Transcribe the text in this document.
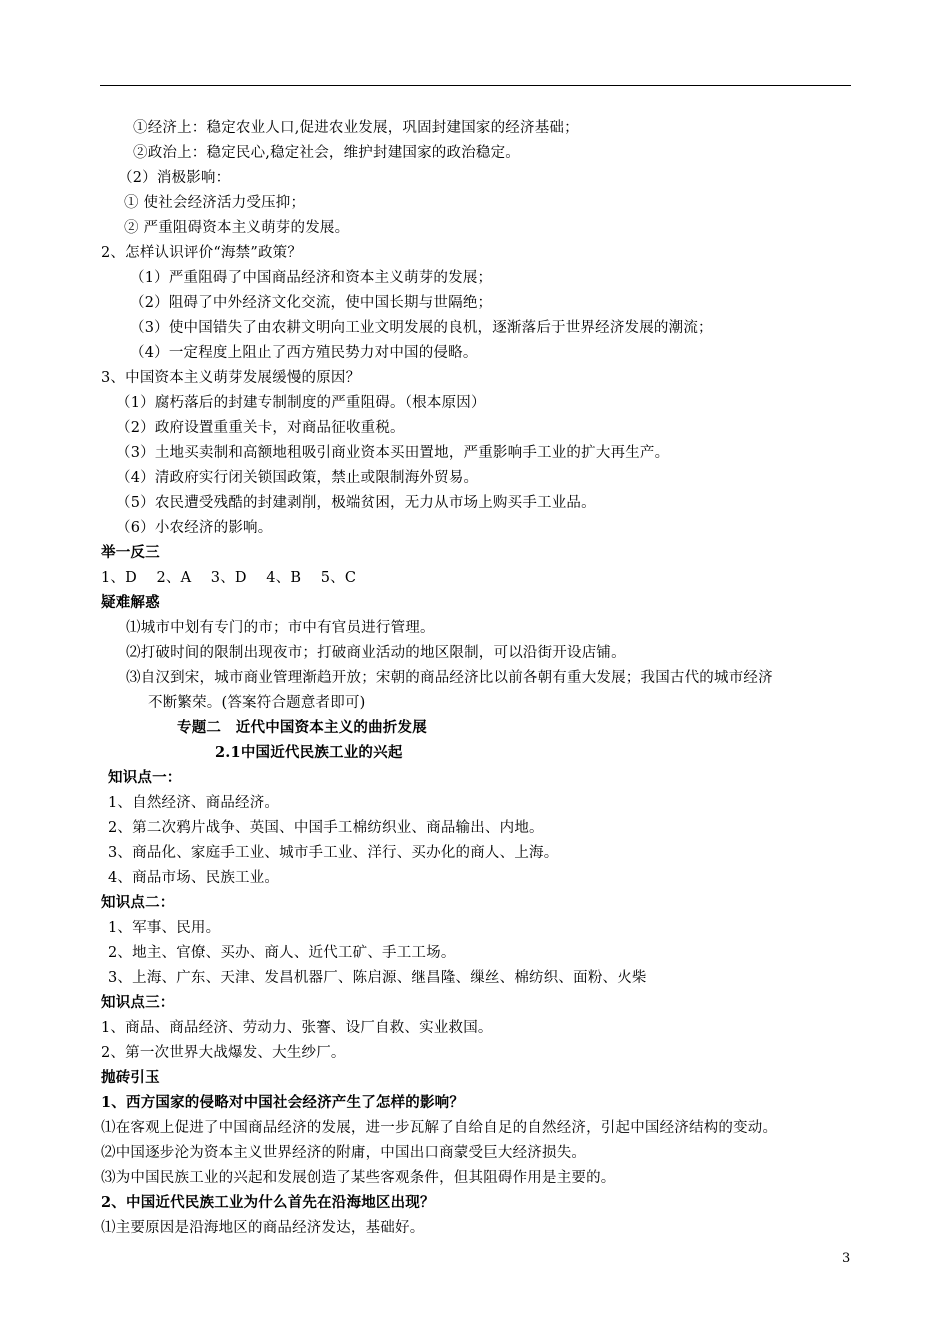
①经济上：稳定农业人口,促进农业发展，巩固封建国家的经济基础；
②政治上：稳定民心,稳定社会，维护封建国家的政治稳定。
（2）消极影响：
① 使社会经济活力受压抑；
② 严重阻碍资本主义萌芽的发展。
2、怎样认识评价“海禁”政策？
（1）严重阻碍了中国商品经济和资本主义萌芽的发展；
（2）阻碍了中外经济文化交流，使中国长期与世隔绝；
（3）使中国错失了由农耕文明向工业文明发展的良机，逐渐落后于世界经济发展的潮流；
（4）一定程度上阻止了西方殖民势力对中国的侵略。
3、中国资本主义萌芽发展缓慢的原因？
（1）腐朽落后的封建专制制度的严重阻碍。（根本原因）
（2）政府设置重重关卡，对商品征收重税。
（3）土地买卖制和高额地租吸引商业资本买田置地，严重影响手工业的扩大再生产。
（4）清政府实行闭关锁国政策，禁止或限制海外贸易。
（5）农民遭受残酷的封建剥削，极端贫困，无力从市场上购买手工业品。
（6）小农经济的影响。
举一反三
1、D　 2、A　 3、D　 4、B　 5、C
疑难解惑
⑴城市中划有专门的市；市中有官员进行管理。
⑵打破时间的限制出现夜市；打破商业活动的地区限制，可以沿街开设店铺。
⑶自汉到宋，城市商业管理渐趋开放；宋朝的商品经济比以前各朝有重大发展；我国古代的城市经济
不断繁荣。(答案符合题意者即可)
专题二　近代中国资本主义的曲折发展
2.1中国近代民族工业的兴起
知识点一：
1、自然经济、商品经济。
2、第二次鸦片战争、英国、中国手工棉纺织业、商品输出、内地。
3、商品化、家庭手工业、城市手工业、洋行、买办化的商人、上海。
4、商品市场、民族工业。
知识点二：
1、军事、民用。
2、地主、官僚、买办、商人、近代工矿、手工工场。
3、上海、广东、天津、发昌机器厂、陈启源、继昌隆、缫丝、棉纺织、面粉、火柴
知识点三：
1、商品、商品经济、劳动力、张謇、设厂自救、实业救国。
2、第一次世界大战爆发、大生纱厂。
抛砖引玉
1、西方国家的侵略对中国社会经济产生了怎样的影响？
⑴在客观上促进了中国商品经济的发展，进一步瓦解了自给自足的自然经济，引起中国经济结构的变动。
⑵中国逐步沦为资本主义世界经济的附庸，中国出口商蒙受巨大经济损失。
⑶为中国民族工业的兴起和发展创造了某些客观条件，但其阻碍作用是主要的。
2、中国近代民族工业为什么首先在沿海地区出现？
⑴主要原因是沿海地区的商品经济发达，基础好。
3
